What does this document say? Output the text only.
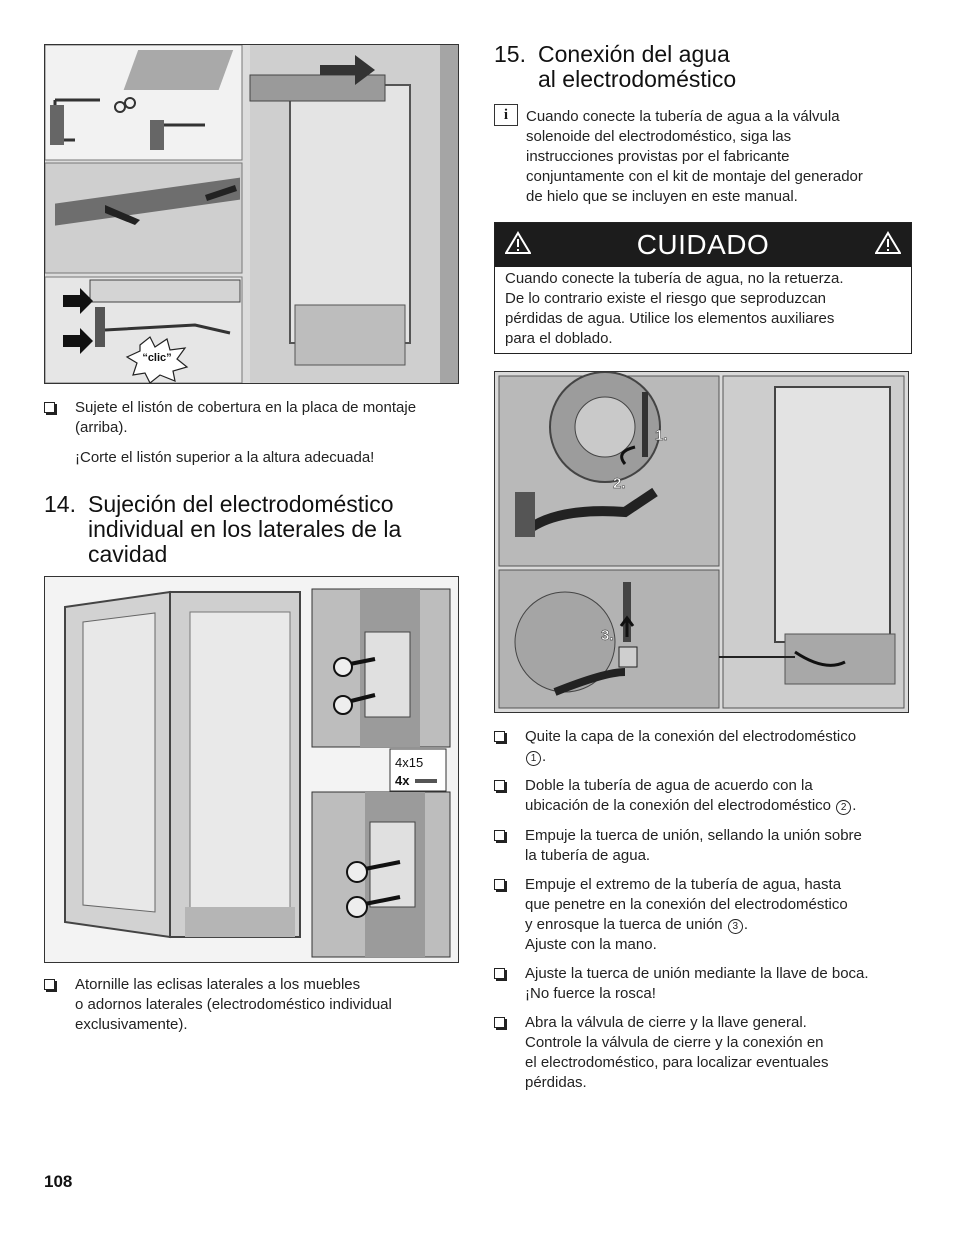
“clic”
Sujete el listón de cobertura en la placa de montaje (arriba).
¡Corte el listón superior a la altura adecuada!
14. Sujeción del electrodoméstico
individual en los laterales de la
cavidad
4x15
4x
Atornille las eclisas laterales a los muebles
o adornos laterales (electrodoméstico individual
exclusivamente).
15. Conexión del agua
al electrodoméstico
i	Cuando conecte la tubería de agua a la válvula
solenoide del electrodoméstico, siga las
instrucciones provistas por el fabricante
conjuntamente con el kit de montaje del generador
de hielo que se incluyen en este manual.
CUIDADO
Cuando conecte la tubería de agua, no la retuerza.
De lo contrario existe el riesgo que seproduzcan
pérdidas de agua. Utilice los elementos auxiliares
para el doblado.
1.
2.
3.
Quite la capa de la conexión del electrodoméstico
1 .
Doble la tubería de agua de acuerdo con la
ubicación de la conexión del electrodoméstico 2 .
Empuje la tuerca de unión, sellando la unión sobre
la tubería de agua.
Empuje el extremo de la tubería de agua, hasta
que penetre en la conexión del electrodoméstico
y enrosque la tuerca de unión 3 .
Ajuste con la mano.
Ajuste la tuerca de unión mediante la llave de boca.
¡No fuerce la rosca!
Abra la válvula de cierre y la llave general.
Controle la válvula de cierre y la conexión en
el electrodoméstico, para localizar eventuales
pérdidas.
108
